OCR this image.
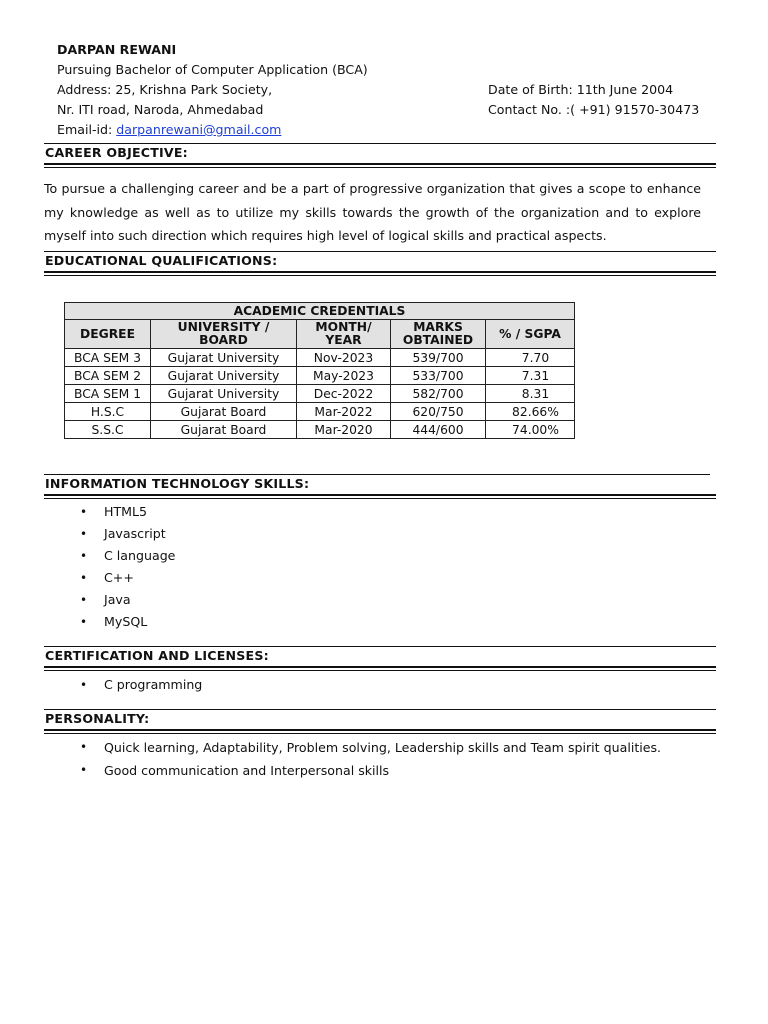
DARPAN REWANI
Pursuing Bachelor of Computer Application (BCA)
Address: 25, Krishna Park Society,
Nr. ITI road, Naroda, Ahmedabad
Email-id: darpanrewani@gmail.com
Date of Birth: 11th June 2004
Contact No. :( +91) 91570-30473
CAREER OBJECTIVE:
To pursue a challenging career and be a part of progressive organization that gives a scope to enhance my knowledge as well as to utilize my skills towards the growth of the organization and to explore myself into such direction which requires high level of logical skills and practical aspects.
EDUCATIONAL QUALIFICATIONS:
ACADEMIC CREDENTIALS				
DEGREE	UNIVERSITY / BOARD	MONTH/ YEAR	MARKS OBTAINED	% / SGPA
BCA SEM 3	Gujarat University	Nov-2023	539/700	7.70
BCA SEM 2	Gujarat University	May-2023	533/700	7.31
BCA SEM 1	Gujarat University	Dec-2022	582/700	8.31
H.S.C	Gujarat Board	Mar-2022	620/750	82.66%
S.S.C	Gujarat Board	Mar-2020	444/600	74.00%
INFORMATION TECHNOLOGY SKILLS:
• HTML5
• Javascript
• C language
• C++
• Java
• MySQL
CERTIFICATION AND LICENSES:
• C programming
PERSONALITY:
• Quick learning, Adaptability, Problem solving, Leadership skills and Team spirit qualities.
• Good communication and Interpersonal skills
